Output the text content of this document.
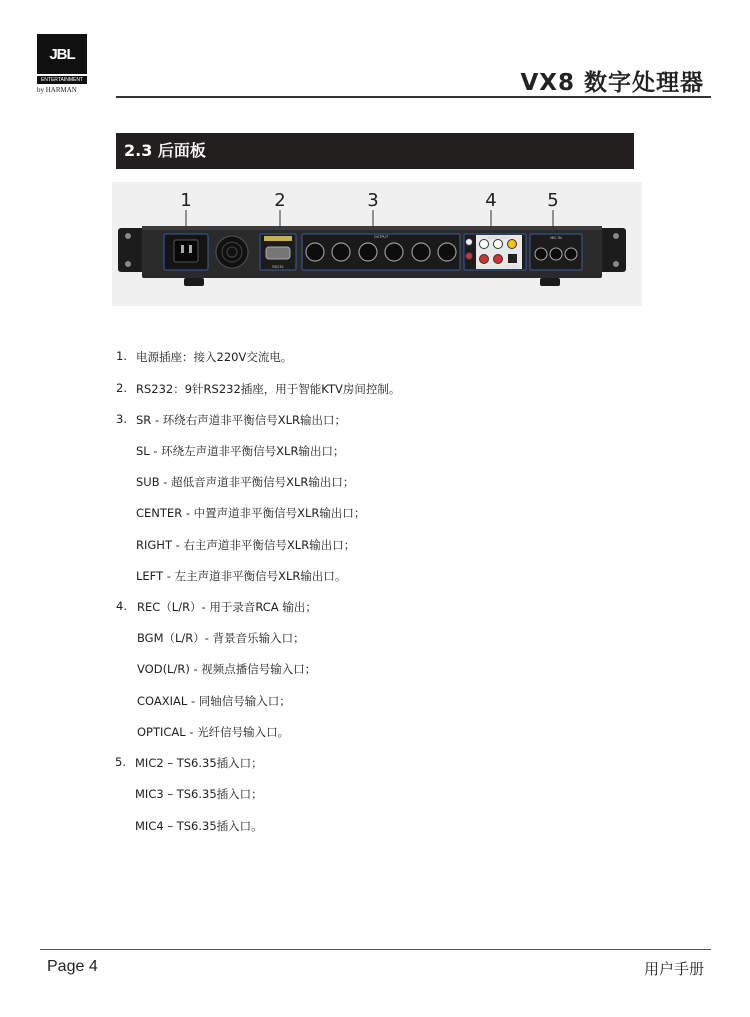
JBL
ENTERTAINMENT
by HARMAN	VX8 数字处理器
2.3 后面板
1	2	3	4	5
RS232
OUTPUT	MUSIC INPUT	MIC IN
OPTICAL
1. 电源插座：接入220V交流电。
2. RS232：9针RS232插座，用于智能KTV房间控制。
3. SR - 环绕右声道非平衡信号XLR输出口；
SL - 环绕左声道非平衡信号XLR输出口；
SUB - 超低音声道非平衡信号XLR输出口；
CENTER - 中置声道非平衡信号XLR输出口；
RIGHT - 右主声道非平衡信号XLR输出口；
LEFT - 左主声道非平衡信号XLR输出口。
4. REC（L/R）- 用于录音RCA 输出；
BGM（L/R）- 背景音乐输入口；
VOD(L/R) - 视频点播信号输入口；
COAXIAL - 同轴信号输入口；
OPTICAL - 光纤信号输入口。
5. MIC2 – TS6.35插入口；
MIC3 – TS6.35插入口；
MIC4 – TS6.35插入口。
Page 4	用户手册
